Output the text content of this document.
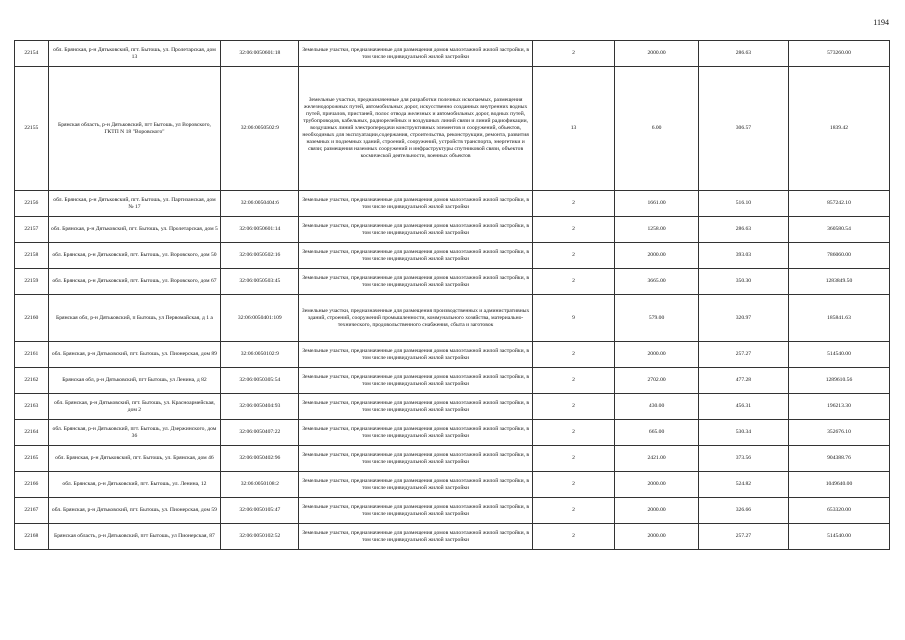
1194
22154	обл. Брянская, р-н Дятьковский, пгт. Бытошь, ул. Пролетарская, дом 13	32:06:0050601:18	Земельные участки, предназначенные для размещения домов малоэтажной жилой застройки, в том числе индивидуальной жилой застройки	2	2000.00	286.63	573260.00
22155	Брянская область, р-н Дятьковский, пгт Бытошь, ул Воровского, ГКТП N 18 "Воровского"	32:06:0050502:9	Земельные участки, предназначенные для разработки полезных ископаемых, размещения железнодорожных путей, автомобильных дорог, искусственно созданных внутренних водных путей, причалов, пристаней, полос отвода железных и автомобильных дорог, водных путей, трубопроводов, кабельных, радиорелейных и воздушных линий связи и линий радиофикации, воздушных линий электропередачи конструктивных элементов и сооружений, объектов, необходимых для эксплуатации,содержания, строительства, реконструкции, ремонта, развития наземных и подземных зданий, строений, сооружений, устройств транспорта, энергетики и связи; размещения наземных сооружений и инфраструктуры спутниковой связи, объектов космической деятельности, военных объектов	13	6.00	306.57	1839.42
22156	обл. Брянская, р-н Дятьковский, пгт. Бытошь, ул. Партизанская, дом № 17	32:06:0050404:6	Земельные участки, предназначенные для размещения домов малоэтажной жилой застройки, в том числе индивидуальной жилой застройки	2	1661.00	516.10	857242.10
22157	обл. Брянская, р-н Дятьковский, пгт. Бытошь, ул. Пролетарская, дом 5	32:06:0050601:14	Земельные участки, предназначенные для размещения домов малоэтажной жилой застройки, в том числе индивидуальной жилой застройки	2	1258.00	286.63	360580.54
22158	обл. Брянская, р-н Дятьковский, пгт. Бытошь, ул. Воровского, дом 50	32:06:0050502:16	Земельные участки, предназначенные для размещения домов малоэтажной жилой застройки, в том числе индивидуальной жилой застройки	2	2000.00	393.03	786060.00
22159	обл. Брянская, р-н Дятьковский, пгт. Бытошь, ул. Воровского, дом 67	32:06:0050503:45	Земельные участки, предназначенные для размещения домов малоэтажной жилой застройки, в том числе индивидуальной жилой застройки	2	3665.00	350.30	1283849.50
22160	Брянская обл, р-н Дятьковский, п Бытошь, ул Первомайская, д 1 а	32:06:0050401:109	Земельные участки, предназначенные для размещения производственных и административных зданий, строений, сооружений промышленности, коммунального хозяйства, материально-технического, продовольственного снабжения, сбыта и заготовок	9	579.00	320.97	185841.63
22161	обл. Брянская, р-н Дятьковский, пгт. Бытошь, ул. Пионерская, дом 89	32:06:0050102:9	Земельные участки, предназначенные для размещения домов малоэтажной жилой застройки, в том числе индивидуальной жилой застройки	2	2000.00	257.27	514540.00
22162	Брянская обл, р-н Дятьковский, пгт Бытошь, ул Ленина, д 82	32:06:0050305:54	Земельные участки, предназначенные для размещения домов малоэтажной жилой застройки, в том числе индивидуальной жилой застройки	2	2702.00	477.28	1289610.56
22163	обл. Брянская, р-н Дятьковский, пгт. Бытошь, ул. Красноармейская, дом 2	32:06:0050404:93	Земельные участки, предназначенные для размещения домов малоэтажной жилой застройки, в том числе индивидуальной жилой застройки	2	430.00	456.31	196213.30
22164	обл. Брянская, р-н Дятьковский, пгт. Бытошь, ул. Дзержинского, дом 36	32:06:0050407:22	Земельные участки, предназначенные для размещения домов малоэтажной жилой застройки, в том числе индивидуальной жилой застройки	2	665.00	530.34	352676.10
22165	обл. Брянская, р-н Дятьковский, пгт. Бытошь, ул. Брянская, дом 46	32:06:0050402:96	Земельные участки, предназначенные для размещения домов малоэтажной жилой застройки, в том числе индивидуальной жилой застройки	2	2421.00	373.56	904388.76
22166	обл. Брянская, р-н Дятьковский, пгт. Бытошь, ул. Ленина, 12	32:06:0050108:2	Земельные участки, предназначенные для размещения домов малоэтажной жилой застройки, в том числе индивидуальной жилой застройки	2	2000.00	524.82	1049640.00
22167	обл. Брянская, р-н Дятьковский, пгт. Бытошь, ул. Пионерская, дом 59	32:06:0050105:47	Земельные участки, предназначенные для размещения домов малоэтажной жилой застройки, в том числе индивидуальной жилой застройки	2	2000.00	326.66	653320.00
22168	Брянская область, р-н Дятьковский, пгт Бытошь, ул Пионерская, 87	32:06:0050102:52	Земельные участки, предназначенные для размещения домов малоэтажной жилой застройки, в том числе индивидуальной жилой застройки	2	2000.00	257.27	514540.00
